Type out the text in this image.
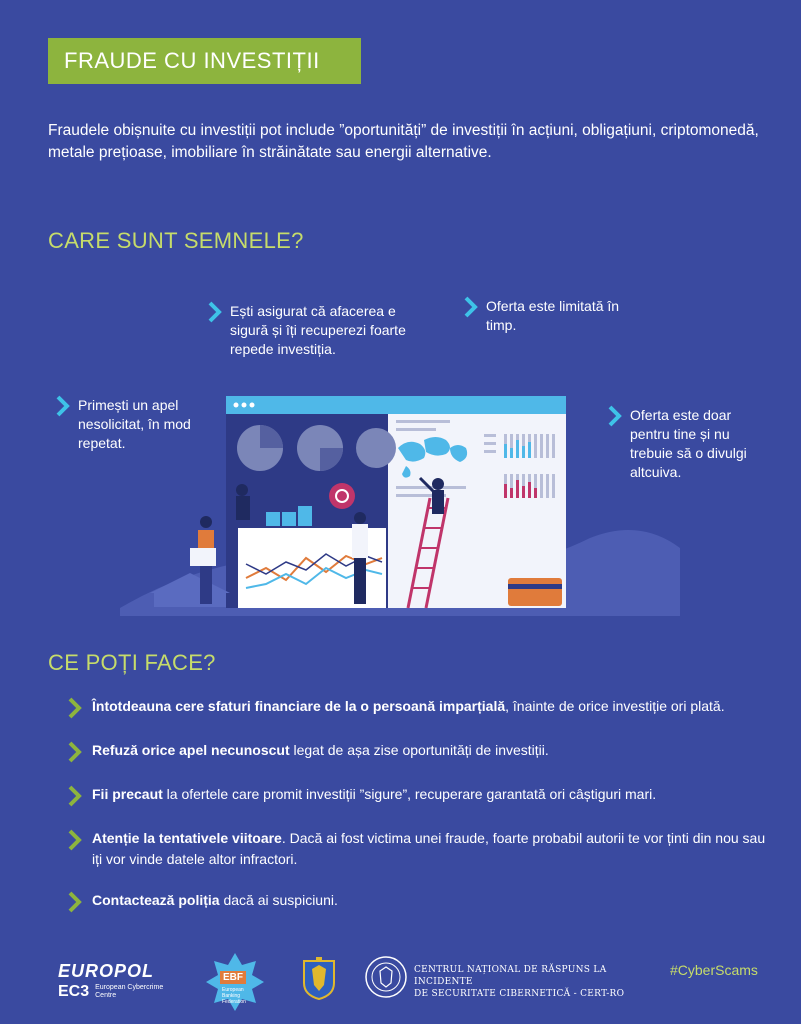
FRAUDE CU INVESTIȚII
Fraudele obișnuite cu investiții pot include ”oportunități” de investiții în acțiuni, obligațiuni, criptomonedă, metale prețioase, imobiliare în străinătate sau energii alternative.
CARE SUNT SEMNELE?
Primești un apel nesolicitat, în mod repetat.
Ești asigurat că afacerea e sigură și îți recuperezi foarte repede investiția.
Oferta este limitată în timp.
Oferta este doar pentru tine și nu trebuie să o divulgi altcuiva.
CE POȚI FACE?
Întotdeauna cere sfaturi financiare de la o persoană imparțială, înainte de orice investiție ori plată.
Refuză orice apel necunoscut legat de așa zise oportunități de investiții.
Fii precaut la ofertele care promit investiții ”sigure”, recuperare garantată ori câștiguri mari.
Atenție la tentativele viitoare. Dacă ai fost victima unei fraude, foarte probabil autorii te vor ținti din nou sau iți vor vinde datele altor infractori.
Contactează poliția dacă ai suspiciuni.
EUROPOL
EC3 European Cybercrime Centre
EBF
European Banking Federation
CENTRUL NAȚIONAL DE RĂSPUNS LA INCIDENTE
DE SECURITATE CIBERNETICĂ - CERT-RO
#CyberScams
